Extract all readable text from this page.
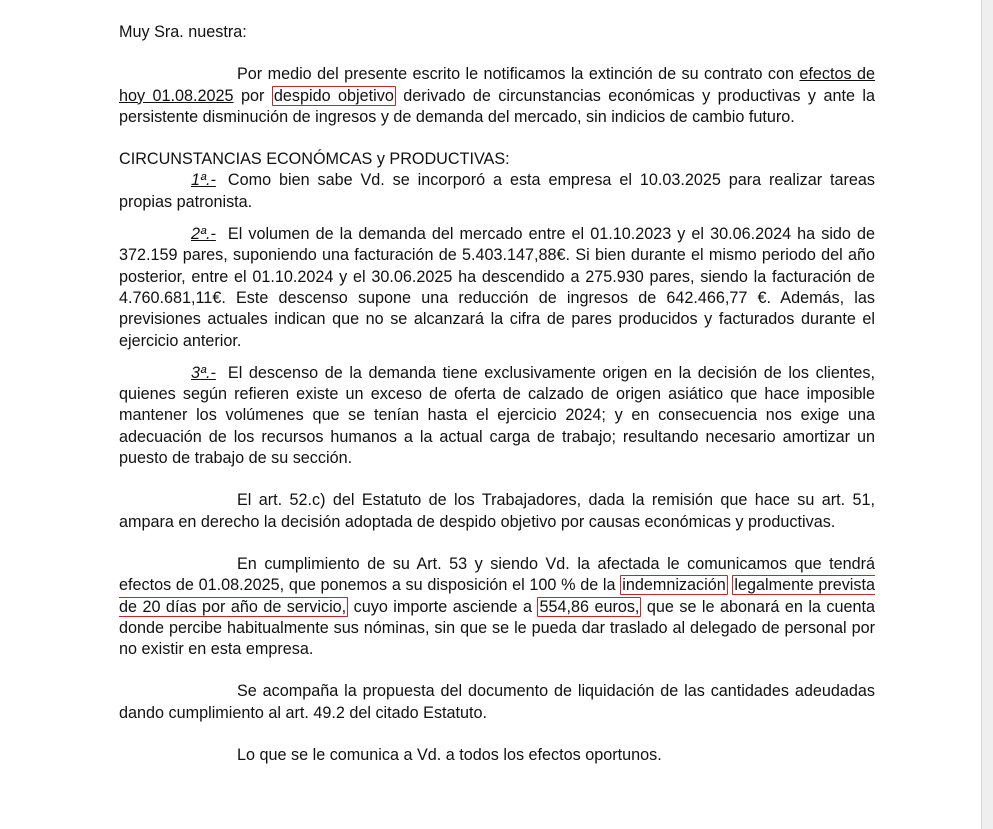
Muy Sra. nuestra:

Por medio del presente escrito le notificamos la extinción de su contrato con efectos de hoy 01.08.2025 por despido objetivo derivado de circunstancias económicas y productivas y ante la persistente disminución de ingresos y de demanda del mercado, sin indicios de cambio futuro.

CIRCUNSTANCIAS ECONÓMCAS y PRODUCTIVAS:

1ª.- Como bien sabe Vd. se incorporó a esta empresa el 10.03.2025 para realizar tareas propias patronista.

2ª.- El volumen de la demanda del mercado entre el 01.10.2023 y el 30.06.2024 ha sido de 372.159 pares, suponiendo una facturación de 5.403.147,88€. Si bien durante el mismo periodo del año posterior, entre el 01.10.2024 y el 30.06.2025 ha descendido a 275.930 pares, siendo la facturación de 4.760.681,11€. Este descenso supone una reducción de ingresos de 642.466,77 €. Además, las previsiones actuales indican que no se alcanzará la cifra de pares producidos y facturados durante el ejercicio anterior.

3ª.- El descenso de la demanda tiene exclusivamente origen en la decisión de los clientes, quienes según refieren existe un exceso de oferta de calzado de origen asiático que hace imposible mantener los volúmenes que se tenían hasta el ejercicio 2024; y en consecuencia nos exige una adecuación de los recursos humanos a la actual carga de trabajo; resultando necesario amortizar un puesto de trabajo de su sección.

El art. 52.c) del Estatuto de los Trabajadores, dada la remisión que hace su art. 51, ampara en derecho la decisión adoptada de despido objetivo por causas económicas y productivas.

En cumplimiento de su Art. 53 y siendo Vd. la afectada le comunicamos que tendrá efectos de 01.08.2025, que ponemos a su disposición el 100 % de la indemnización legalmente prevista de 20 días por año de servicio, cuyo importe asciende a 554,86 euros, que se le abonará en la cuenta donde percibe habitualmente sus nóminas, sin que se le pueda dar traslado al delegado de personal por no existir en esta empresa.

Se acompaña la propuesta del documento de liquidación de las cantidades adeudadas dando cumplimiento al art. 49.2 del citado Estatuto.

Lo que se le comunica a Vd. a todos los efectos oportunos.
